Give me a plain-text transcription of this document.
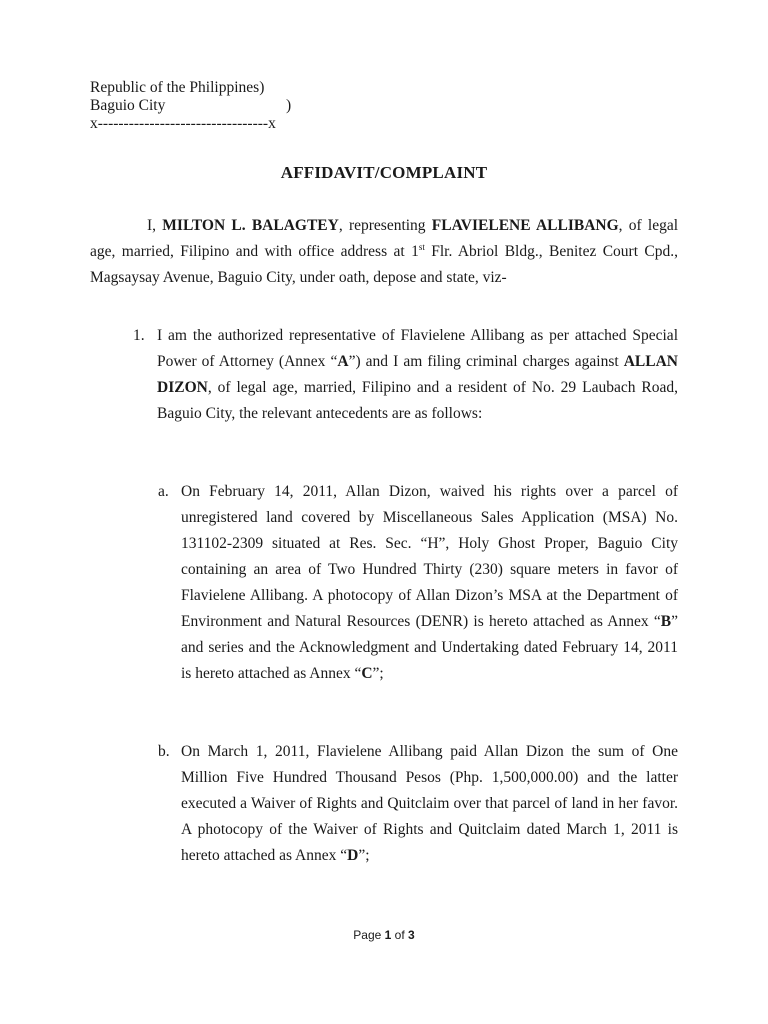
Republic of the Philippines)
Baguio City	)
x---------------------------------x
AFFIDAVIT/COMPLAINT

I, MILTON L. BALAGTEY, representing FLAVIELENE ALLIBANG, of legal age, married, Filipino and with office address at 1st Flr. Abriol Bldg., Benitez Court Cpd., Magsaysay Avenue, Baguio City, under oath, depose and state, viz-

1. I am the authorized representative of Flavielene Allibang as per attached Special Power of Attorney (Annex “A”) and I am filing criminal charges against ALLAN DIZON, of legal age, married, Filipino and a resident of No. 29 Laubach Road, Baguio City, the relevant antecedents are as follows:
a. On February 14, 2011, Allan Dizon, waived his rights over a parcel of unregistered land covered by Miscellaneous Sales Application (MSA) No. 131102-2309 situated at Res. Sec. “H”, Holy Ghost Proper, Baguio City containing an area of Two Hundred Thirty (230) square meters in favor of Flavielene Allibang. A photocopy of Allan Dizon’s MSA at the Department of Environment and Natural Resources (DENR) is hereto attached as Annex “B” and series and the Acknowledgment and Undertaking dated February 14, 2011 is hereto attached as Annex “C”;
b. On March 1, 2011, Flavielene Allibang paid Allan Dizon the sum of One Million Five Hundred Thousand Pesos (Php. 1,500,000.00) and the latter executed a Waiver of Rights and Quitclaim over that parcel of land in her favor. A photocopy of the Waiver of Rights and Quitclaim dated March 1, 2011 is hereto attached as Annex “D”;
Page 1 of 3
